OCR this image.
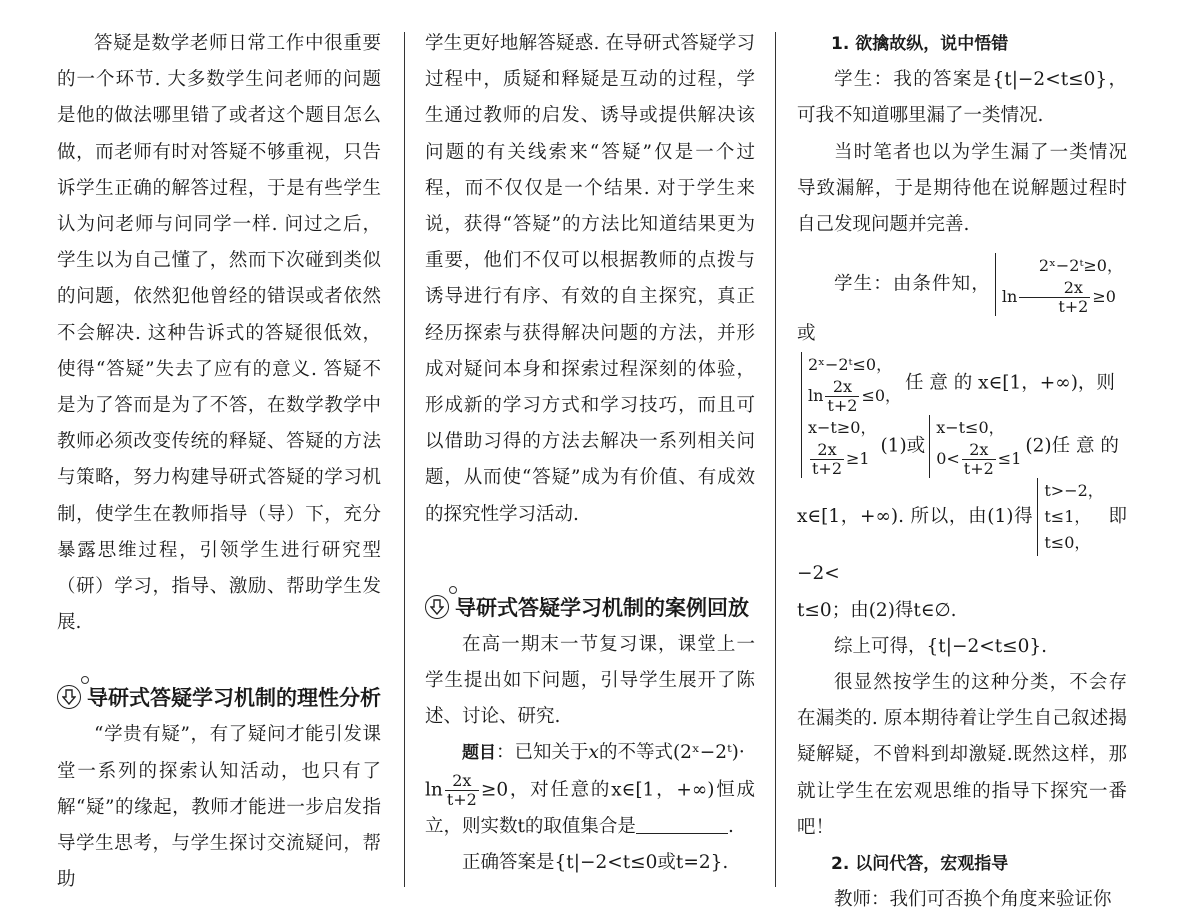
答疑是数学老师日常工作中很重要的一个环节. 大多数学生问老师的问题是他的做法哪里错了或者这个题目怎么做，而老师有时对答疑不够重视，只告诉学生正确的解答过程，于是有些学生认为问老师与问同学一样. 问过之后，学生以为自己懂了，然而下次碰到类似的问题，依然犯他曾经的错误或者依然不会解决. 这种告诉式的答疑很低效，使得“答疑”失去了应有的意义. 答疑不是为了答而是为了不答，在数学教学中教师必须改变传统的释疑、答疑的方法与策略，努力构建导研式答疑的学习机制，使学生在教师指导（导）下，充分暴露思维过程，引领学生进行研究型（研）学习，指导、激励、帮助学生发展.

导研式答疑学习机制的理性分析

“学贵有疑”，有了疑问才能引发课堂一系列的探索认知活动，也只有了解“疑”的缘起，教师才能进一步启发指导学生思考，与学生探讨交流疑问，帮助

学生更好地解答疑惑. 在导研式答疑学习过程中，质疑和释疑是互动的过程，学生通过教师的启发、诱导或提供解决该问题的有关线索来“答疑”仅是一个过程，而不仅仅是一个结果. 对于学生来说，获得“答疑”的方法比知道结果更为重要，他们不仅可以根据教师的点拨与诱导进行有序、有效的自主探究，真正经历探索与获得解决问题的方法，并形成对疑问本身和探索过程深刻的体验，形成新的学习方式和学习技巧，而且可以借助习得的方法去解决一系列相关问题，从而使“答疑”成为有价值、有成效的探究性学习活动.

导研式答疑学习机制的案例回放

在高一期末一节复习课，课堂上一学生提出如下问题，引导学生展开了陈述、讨论、研究.

题目：已知关于x的不等式(2ˣ−2ᵗ)·

$\ln \frac{2x}{t+2} \ge 0$，对任意的x∈[1，+∞)恒成立，则实数t的取值集合是	.

正确答案是{t|−2<t≤0或t=2}.

1. 欲擒故纵，说中悟错

学生：我的答案是{t|−2<t≤0}，可我不知道哪里漏了一类情况.

当时笔者也以为学生漏了一类情况导致漏解，于是期待他在说解题过程时自己发现问题并完善.

学生：由条件知，2ˣ−2ᵗ≥0，
$\ln \frac{2x}{t+2} \ge 0$或

2ˣ−2ᵗ≤0，
$\ln \frac{2x}{t+2} \le 0$，任 意 的 x∈[1，+∞)，则

x−t≥0，

$\frac{2x}{t+2} \ge 1(1)$或x−t≤0，
$0< \frac{2x}{t+2} \le 1(2)$任 意 的

x∈[1，+∞). 所以，由(1)得t>−2，
t≤1，
t≤0，即−2<

t≤0；由(2)得t∈∅.

综上可得，{t|−2<t≤0}.

很显然按学生的这种分类，不会存在漏类的. 原本期待着让学生自己叙述揭疑解疑，不曾料到却激疑.既然这样，那就让学生在宏观思维的指导下探究一番吧！

2. 以问代答，宏观指导

教师：我们可否换个角度来验证你
